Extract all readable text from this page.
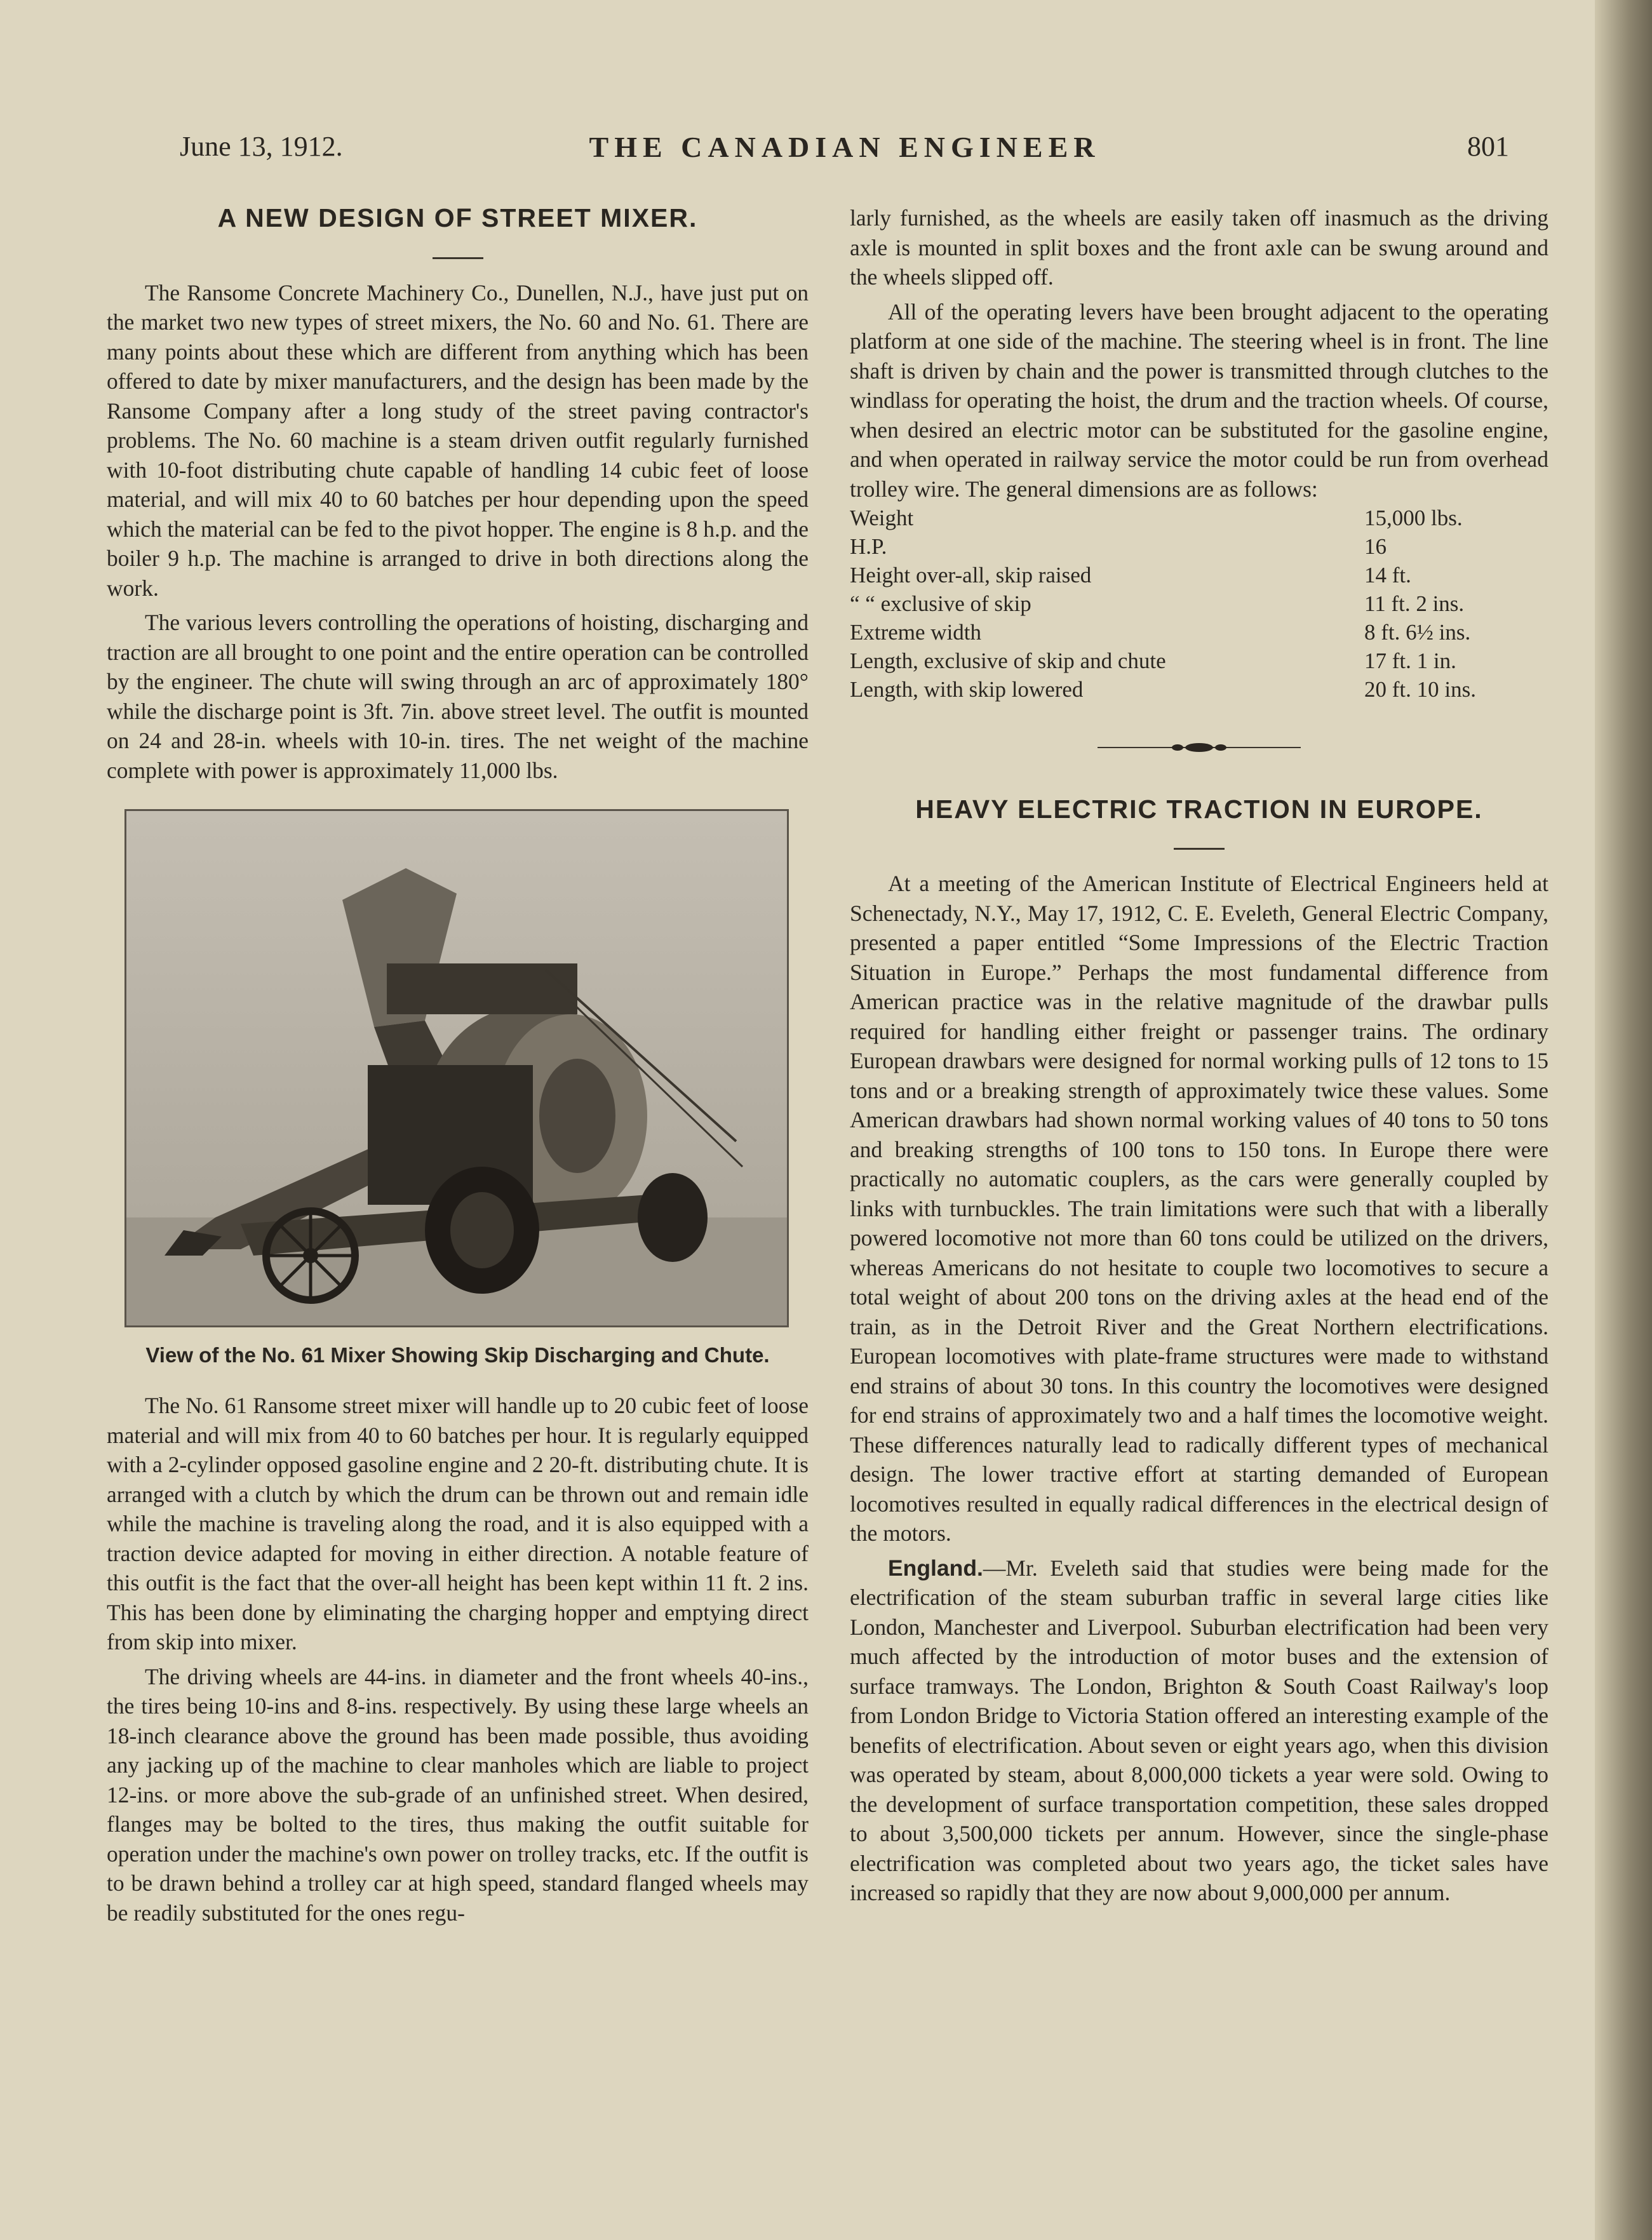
June 13, 1912.	THE CANADIAN ENGINEER	801
A NEW DESIGN OF STREET MIXER.

The Ransome Concrete Machinery Co., Dunellen, N.J., have just put on the market two new types of street mixers, the No. 60 and No. 61. There are many points about these which are different from anything which has been offered to date by mixer manufacturers, and the design has been made by the Ransome Company after a long study of the street paving contractor's problems. The No. 60 machine is a steam driven outfit regularly furnished with 10-foot distributing chute capable of handling 14 cubic feet of loose material, and will mix 40 to 60 batches per hour depending upon the speed which the material can be fed to the pivot hopper. The engine is 8 h.p. and the boiler 9 h.p. The machine is arranged to drive in both directions along the work.

The various levers controlling the operations of hoisting, discharging and traction are all brought to one point and the entire operation can be controlled by the engineer. The chute will swing through an arc of approximately 180° while the discharge point is 3ft. 7in. above street level. The outfit is mounted on 24 and 28-in. wheels with 10-in. tires. The net weight of the machine complete with power is approximately 11,000 lbs.

View of the No. 61 Mixer Showing Skip Discharging and Chute.

The No. 61 Ransome street mixer will handle up to 20 cubic feet of loose material and will mix from 40 to 60 batches per hour. It is regularly equipped with a 2-cylinder opposed gasoline engine and 2 20-ft. distributing chute. It is arranged with a clutch by which the drum can be thrown out and remain idle while the machine is traveling along the road, and it is also equipped with a traction device adapted for moving in either direction. A notable feature of this outfit is the fact that the over-all height has been kept within 11 ft. 2 ins. This has been done by eliminating the charging hopper and emptying direct from skip into mixer.

The driving wheels are 44-ins. in diameter and the front wheels 40-ins., the tires being 10-ins and 8-ins. respectively. By using these large wheels an 18-inch clearance above the ground has been made possible, thus avoiding any jacking up of the machine to clear manholes which are liable to project 12-ins. or more above the sub-grade of an unfinished street. When desired, flanges may be bolted to the tires, thus making the outfit suitable for operation under the machine's own power on trolley tracks, etc. If the outfit is to be drawn behind a trolley car at high speed, standard flanged wheels may be readily substituted for the ones regu-

larly furnished, as the wheels are easily taken off inasmuch as the driving axle is mounted in split boxes and the front axle can be swung around and the wheels slipped off.

All of the operating levers have been brought adjacent to the operating platform at one side of the machine. The steering wheel is in front. The line shaft is driven by chain and the power is transmitted through clutches to the windlass for operating the hoist, the drum and the traction wheels. Of course, when desired an electric motor can be substituted for the gasoline engine, and when operated in railway service the motor could be run from overhead trolley wire. The general dimensions are as follows:

Weight	15,000 lbs.
H.P.	16
Height over-all, skip raised	14 ft.
“ “ exclusive of skip	11 ft. 2 ins.
Extreme width	8 ft. 6½ ins.
Length, exclusive of skip and chute	17 ft. 1 in.
Length, with skip lowered	20 ft. 10 ins.
HEAVY ELECTRIC TRACTION IN EUROPE.

At a meeting of the American Institute of Electrical Engineers held at Schenectady, N.Y., May 17, 1912, C. E. Eveleth, General Electric Company, presented a paper entitled “Some Impressions of the Electric Traction Situation in Europe.” Perhaps the most fundamental difference from American practice was in the relative magnitude of the drawbar pulls required for handling either freight or passenger trains. The ordinary European drawbars were designed for normal working pulls of 12 tons to 15 tons and or a breaking strength of approximately twice these values. Some American drawbars had shown normal working values of 40 tons to 50 tons and breaking strengths of 100 tons to 150 tons. In Europe there were practically no automatic couplers, as the cars were generally coupled by links with turnbuckles. The train limitations were such that with a liberally powered locomotive not more than 60 tons could be utilized on the drivers, whereas Americans do not hesitate to couple two locomotives to secure a total weight of about 200 tons on the driving axles at the head end of the train, as in the Detroit River and the Great Northern electrifications. European locomotives with plate-frame structures were made to withstand end strains of about 30 tons. In this country the locomotives were designed for end strains of approximately two and a half times the locomotive weight. These differences naturally lead to radically different types of mechanical design. The lower tractive effort at starting demanded of European locomotives resulted in equally radical differences in the electrical design of the motors.

England.—Mr. Eveleth said that studies were being made for the electrification of the steam suburban traffic in several large cities like London, Manchester and Liverpool. Suburban electrification had been very much affected by the introduction of motor buses and the extension of surface tramways. The London, Brighton & South Coast Railway's loop from London Bridge to Victoria Station offered an interesting example of the benefits of electrification. About seven or eight years ago, when this division was operated by steam, about 8,000,000 tickets a year were sold. Owing to the development of surface transportation competition, these sales dropped to about 3,500,000 tickets per annum. However, since the single-phase electrification was completed about two years ago, the ticket sales have increased so rapidly that they are now about 9,000,000 per annum.
